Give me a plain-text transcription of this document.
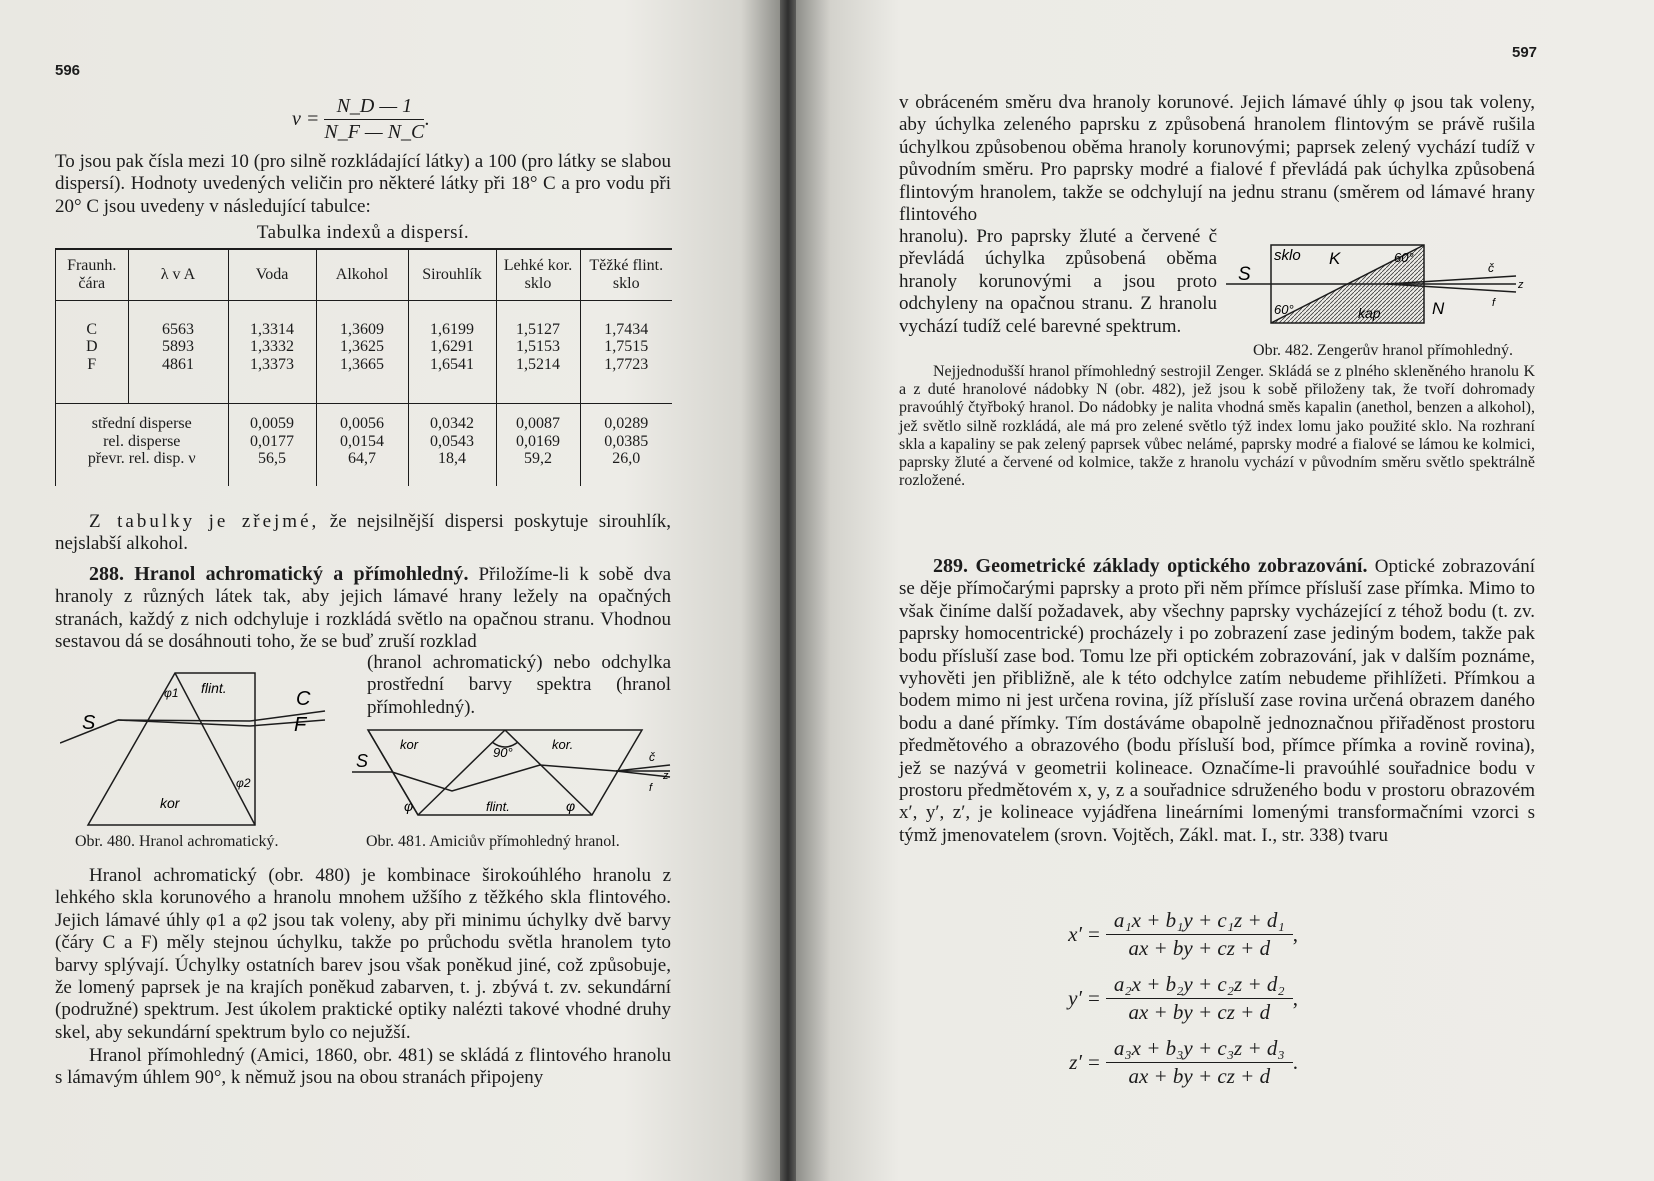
596
$\nu = \frac{N\_D — 1}{N\_F — N\_C}$ .

To jsou pak čísla mezi 10 (pro silně rozkládající látky) a 100 (pro látky se slabou dispersí). Hodnoty uvedených veličin pro některé látky při 18° C a pro vodu při 20° C jsou uvedeny v následující tabulce:

Tabulka indexů a dispersí.
Fraunh. čára	λ v A	Voda	Alkohol	Sirouhlík	Lehké kor. sklo	Těžké flint. sklo

C	6563	1,3314	1,3609	1,6199	1,5127	1,7434
D	5893	1,3332	1,3625	1,6291	1,5153	1,7515
F	4861	1,3373	1,3665	1,6541	1,5214	1,7723

střední disperse		0,0059	0,0056	0,0342	0,0087	0,0289
rel. disperse		0,0177	0,0154	0,0543	0,0169	0,0385
převr. rel. disp. ν		56,5	64,7	18,4	59,2	26,0

Z tabulky je zřejmé, že nejsilnější dispersi poskytuje sirouhlík, nejslabší alkohol.

288. Hranol achromatický a přímohledný. Přiložíme-li k sobě dva hranoly z různých látek tak, aby jejich lámavé hrany ležely na opačných stranách, každý z nich odchyluje i rozkládá světlo na opačnou stranu. Vhodnou sestavou dá se dosáhnouti toho, že se buď zruší rozklad

(hranol achromatický) nebo odchylka prostřední barvy spektra (hranol přímohledný).

flint.
kor
S
C
F
φ1
φ2
kor	kor.
90°
flint.
S
φ	φ
č
z
f
Obr. 480. Hranol achromatický.	Obr. 481. Amiciův přímohledný hranol.

Hranol achromatický (obr. 480) je kombinace širokoúhlého hranolu z lehkého skla korunového a hranolu mnohem užšího z těžkého skla flintového. Jejich lámavé úhly φ1 a φ2 jsou tak voleny, aby při minimu úchylky dvě barvy (čáry C a F) měly stejnou úchylku, takže po průchodu světla hranolem tyto barvy splývají. Úchylky ostatních barev jsou však poněkud jiné, což způsobuje, že lomený paprsek je na krajích poněkud zabarven, t. j. zbývá t. zv. sekundární (podružné) spektrum. Jest úkolem praktické optiky nalézti takové vhodné druhy skel, aby sekundární spektrum bylo co nejužší.

Hranol přímohledný (Amici, 1860, obr. 481) se skládá z flintového hranolu s lámavým úhlem 90°, k němuž jsou na obou stranách připojeny

597

v obráceném směru dva hranoly korunové. Jejich lámavé úhly φ jsou tak voleny, aby úchylka zeleného paprsku z způsobená hranolem flintovým se právě rušila úchylkou způsobenou oběma hranoly korunovými; paprsek zelený vychází tudíž v původním směru. Pro paprsky modré a fialové f převládá pak úchylka způsobená flintovým hranolem, takže se odchylují na jednu stranu (směrem od lámavé hrany flintového

hranolu). Pro paprsky žluté a červené č převládá úchylka způsobená oběma hranoly korunovými a jsou proto odchyleny na opačnou stranu. Z hranolu vychází tudíž celé barevné spektrum.

sklo K	60°
60°	kap	N
S	č
z
f
Obr. 482. Zengerův hranol přímohledný.

Nejjednodušší hranol přímohledný sestrojil Zenger. Skládá se z plného skleněného hranolu K a z duté hranolové nádobky N (obr. 482), jež jsou k sobě přiloženy tak, že tvoří dohromady pravoúhlý čtyřboký hranol. Do nádobky je nalita vhodná směs kapalin (anethol, benzen a alkohol), jež světlo silně rozkládá, ale má pro zelené světlo týž index lomu jako použité sklo. Na rozhraní skla a kapaliny se pak zelený paprsek vůbec nelámé, paprsky modré a fialové se lámou ke kolmici, paprsky žluté a červené od kolmice, takže z hranolu vychází v původním směru světlo spektrálně rozložené.

289. Geometrické základy optického zobrazování. Optické zobrazování se děje přímočarými paprsky a proto při něm přímce přísluší zase přímka. Mimo to však činíme další požadavek, aby všechny paprsky vycházející z téhož bodu (t. zv. paprsky homocentrické) procházely i po zobrazení zase jediným bodem, takže pak bodu přísluší zase bod. Tomu lze při optickém zobrazování, jak v dalším poznáme, vyhověti jen přibližně, ale k této odchylce zatím nebudeme přihlížeti. Přímkou a bodem mimo ni jest určena rovina, jíž přísluší zase rovina určená obrazem daného bodu a dané přímky. Tím dostáváme obapolně jednoznačnou přiřaděnost prostoru předmětového a obrazového (bodu přísluší bod, přímce přímka a rovině rovina), jež se nazývá v geometrii kolineace. Označíme-li pravoúhlé souřadnice bodu v prostoru předmětovém x, y, z a souřadnice sdruženého bodu v prostoru obrazovém x′, y′, z′, je kolineace vyjádřena lineárními lomenými transformačními vzorci s týmž jmenovatelem (srovn. Vojtěch, Zákl. mat. I., str. 338) tvaru

$x' = \frac{\text{a₁x + b₁y + c₁z + d₁}}{ax + by + cz + d}$ ,
$y' = \frac{\text{a₂x + b₂y + c₂z + d₂}}{ax + by + cz + d}$ ,
$z' = \frac{\text{a₃x + b₃y + c₃z + d₃}}{ax + by + cz + d}$ .
